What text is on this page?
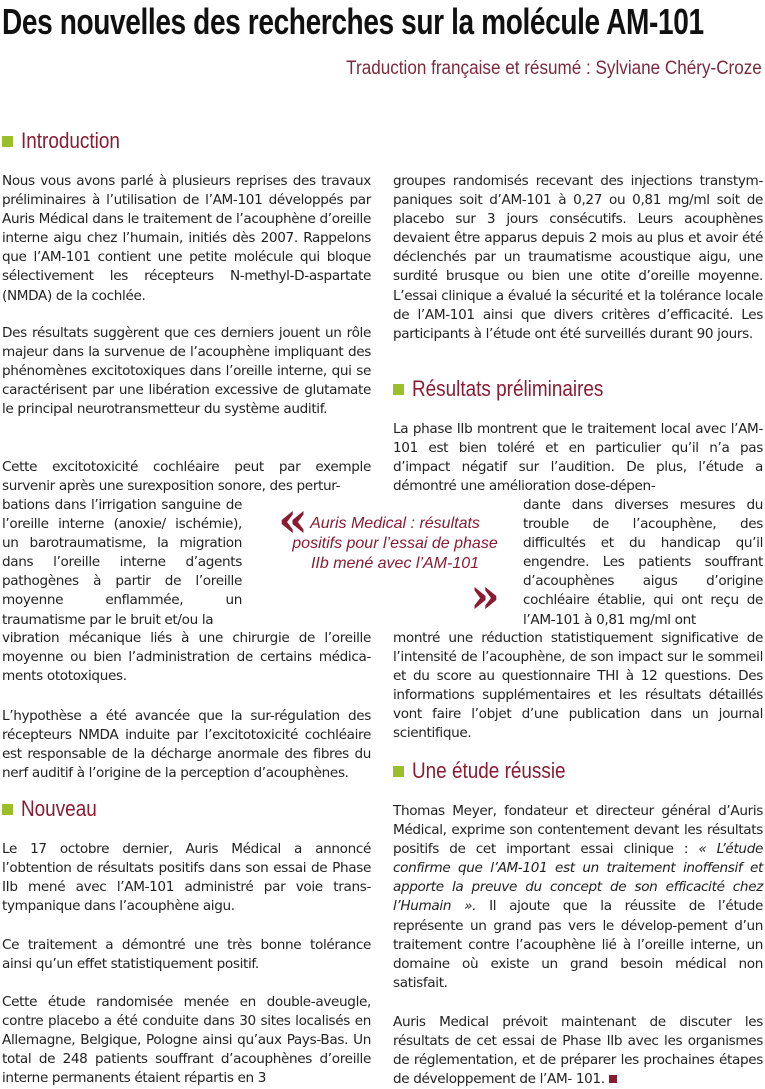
Des nouvelles des recherches sur la molécule AM-101
Traduction française et résumé : Sylviane Chéry-Croze
Introduction

Nous vous avons parlé à plusieurs reprises des travaux préliminaires à l’utilisation de l’AM-101 développés par Auris Médical dans le traitement de l’acouphène d’oreille interne aigu chez l’humain, initiés dès 2007. Rappelons que l’AM-101 contient une petite molécule qui bloque sélectivement les récepteurs N-methyl-D-aspartate (NMDA) de la cochlée.

Des résultats suggèrent que ces derniers jouent un rôle majeur dans la survenue de l’acouphène impliquant des phénomènes excitotoxiques dans l’oreille interne, qui se caractérisent par une libération excessive de glutamate le principal neurotransmetteur du système auditif.

Cette excitotoxicité cochléaire peut par exemple survenir après une surexposition sonore, des pertur-

bations dans l’irrigation sanguine de l’oreille interne (anoxie/ ischémie), un barotraumatisme, la migration dans l’oreille interne d’agents pathogènes à partir de l’oreille moyenne enflammée, un traumatisme par le bruit et/ou la

vibration mécanique liés à une chirurgie de l’oreille moyenne ou bien l’administration de certains médica-ments ototoxiques.

L’hypothèse a été avancée que la sur-régulation des récepteurs NMDA induite par l’excitotoxicité cochléaire est responsable de la décharge anormale des fibres du nerf auditif à l’origine de la perception d’acouphènes.

Nouveau

Le 17 octobre dernier, Auris Médical a annoncé l’obtention de résultats positifs dans son essai de Phase IIb mené avec l’AM-101 administré par voie trans-tympanique dans l’acouphène aigu.

Ce traitement a démontré une très bonne tolérance ainsi qu’un effet statistiquement positif.

Cette étude randomisée menée en double-aveugle, contre placebo a été conduite dans 30 sites localisés en Allemagne, Belgique, Pologne ainsi qu’aux Pays-Bas. Un total de 248 patients souffrant d’acouphènes d’oreille interne permanents étaient répartis en 3

« Auris Medical : résultats positifs pour l’essai de phase IIb mené avec l’AM-101
»

groupes randomisés recevant des injections transtym-paniques soit d’AM-101 à 0,27 ou 0,81 mg/ml soit de placebo sur 3 jours consécutifs. Leurs acouphènes devaient être apparus depuis 2 mois au plus et avoir été déclenchés par un traumatisme acoustique aigu, une surdité brusque ou bien une otite d’oreille moyenne. L’essai clinique a évalué la sécurité et la tolérance locale de l’AM-101 ainsi que divers critères d’efficacité. Les participants à l’étude ont été surveillés durant 90 jours.

Résultats préliminaires

La phase IIb montrent que le traitement local avec l’AM-101 est bien toléré et en particulier qu’il n’a pas d’impact négatif sur l’audition. De plus, l’étude a démontré une amélioration dose-dépen-

dante dans diverses mesures du trouble de l’acouphène, des difficultés et du handicap qu’il engendre. Les patients souffrant d’acouphènes aigus d’origine cochléaire établie, qui ont reçu de l’AM-101 à 0,81 mg/ml ont

montré une réduction statistiquement significative de l’intensité de l’acouphène, de son impact sur le sommeil et du score au questionnaire THI à 12 questions. Des informations supplémentaires et les résultats détaillés vont faire l’objet d’une publication dans un journal scientifique.

Une étude réussie

Thomas Meyer, fondateur et directeur général d’Auris Médical, exprime son contentement devant les résultats positifs de cet important essai clinique : « L’étude confirme que l’AM-101 est un traitement inoffensif et apporte la preuve du concept de son efficacité chez l’Humain ». Il ajoute que la réussite de l’étude représente un grand pas vers le dévelop-pement d’un traitement contre l’acouphène lié à l’oreille interne, un domaine où existe un grand besoin médical non satisfait.

Auris Medical prévoit maintenant de discuter les résultats de cet essai de Phase IIb avec les organismes de réglementation, et de préparer les prochaines étapes de développement de l’AM- 101.
